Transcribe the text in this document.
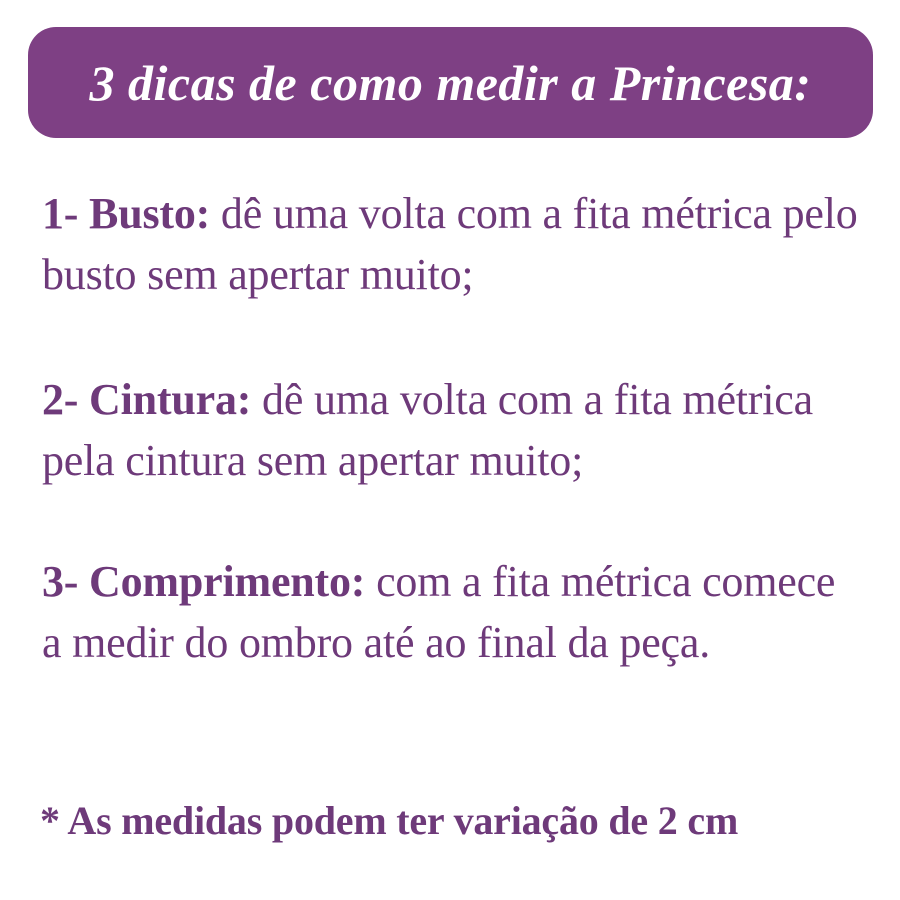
3 dicas de como medir a Princesa:

1- Busto: dê uma volta com a fita métrica pelo busto sem apertar muito;

2- Cintura: dê uma volta com a fita métrica pela cintura sem apertar muito;

3- Comprimento: com a fita métrica comece a medir do ombro até ao final da peça.

* As medidas podem ter variação de 2 cm
